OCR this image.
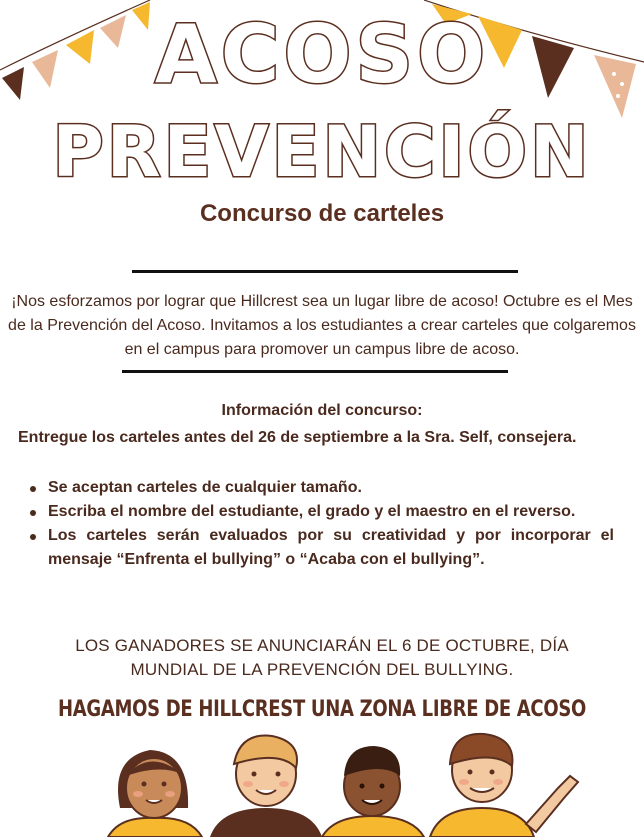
ACOSO
PREVENCIÓN
Concurso de carteles
¡Nos esforzamos por lograr que Hillcrest sea un lugar libre de acoso! Octubre es el Mes de la Prevención del Acoso. Invitamos a los estudiantes a crear carteles que colgaremos en el campus para promover un campus libre de acoso.
Información del concurso:
Entregue los carteles antes del 26 de septiembre a la Sra. Self, consejera.
Se aceptan carteles de cualquier tamaño.
Escriba el nombre del estudiante, el grado y el maestro en el reverso.
Los carteles serán evaluados por su creatividad y por incorporar el mensaje “Enfrenta el bullying” o “Acaba con el bullying”.
LOS GANADORES SE ANUNCIARÁN EL 6 DE OCTUBRE, DÍA MUNDIAL DE LA PREVENCIÓN DEL BULLYING.
HAGAMOS DE HILLCREST UNA ZONA LIBRE DE ACOSO
